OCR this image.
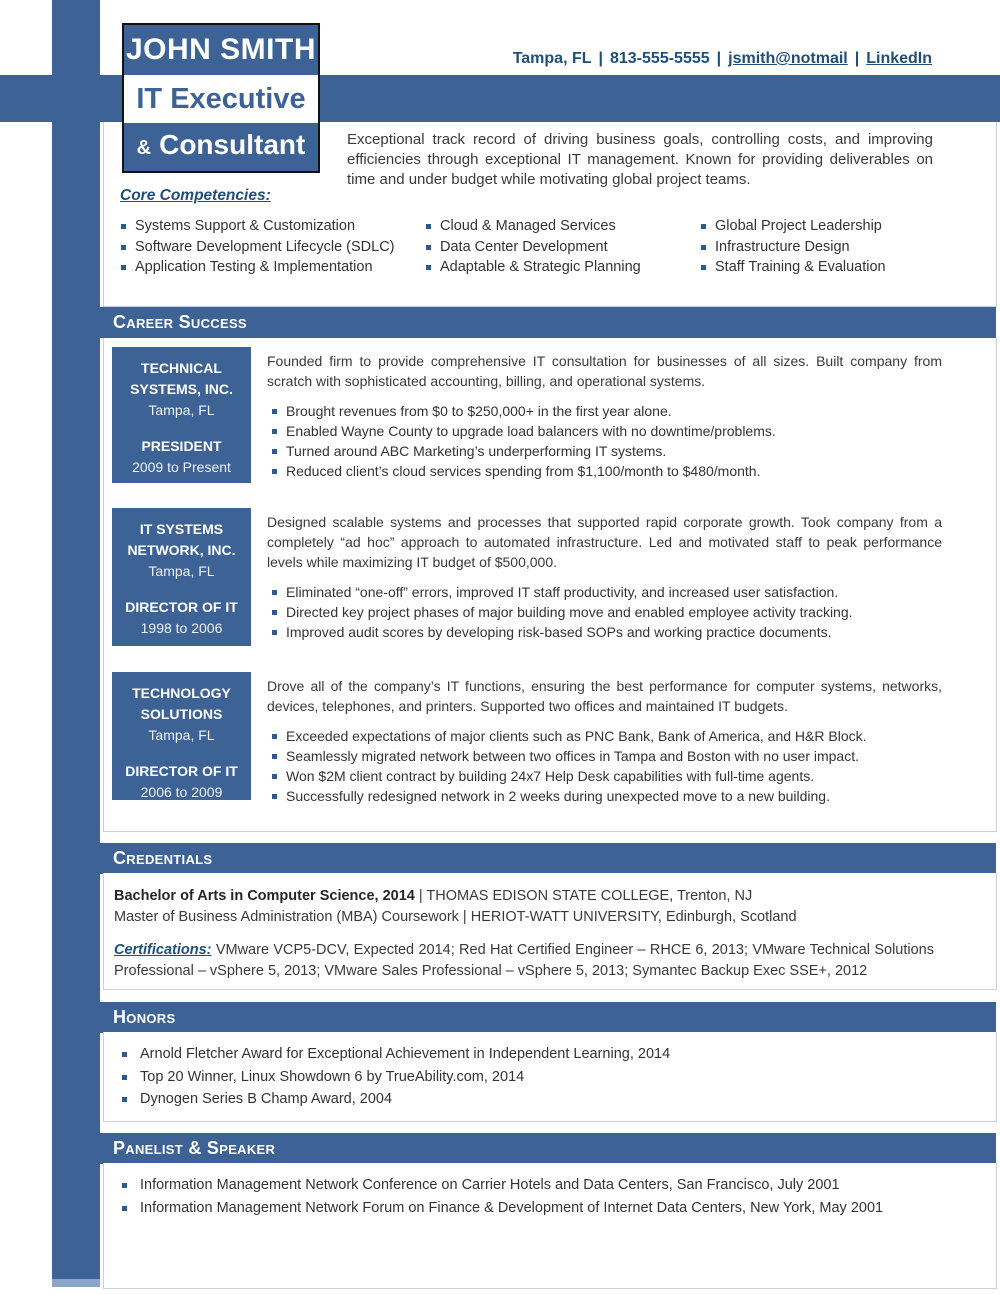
JOHN SMITH
IT Executive
& Consultant
Tampa, FL | 813-555-5555 | jsmith@notmail | LinkedIn

Exceptional track record of driving business goals, controlling costs, and improving efficiencies through exceptional IT management. Known for providing deliverables on time and under budget while motivating global project teams.

Core Competencies:
Systems Support & Customization
Software Development Lifecycle (SDLC)
Application Testing & Implementation
Cloud & Managed Services
Data Center Development
Adaptable & Strategic Planning
Global Project Leadership
Infrastructure Design
Staff Training & Evaluation
Career Success
TECHNICAL SYSTEMS, INC.
Tampa, FL
PRESIDENT
2009 to Present

Founded firm to provide comprehensive IT consultation for businesses of all sizes. Built company from scratch with sophisticated accounting, billing, and operational systems.

Brought revenues from $0 to $250,000+ in the first year alone.
Enabled Wayne County to upgrade load balancers with no downtime/problems.
Turned around ABC Marketing’s underperforming IT systems.
Reduced client’s cloud services spending from $1,100/month to $480/month.
IT SYSTEMS NETWORK, INC.
Tampa, FL
DIRECTOR OF IT
1998 to 2006

Designed scalable systems and processes that supported rapid corporate growth. Took company from a completely “ad hoc” approach to automated infrastructure. Led and motivated staff to peak performance levels while maximizing IT budget of $500,000.

Eliminated “one-off” errors, improved IT staff productivity, and increased user satisfaction.
Directed key project phases of major building move and enabled employee activity tracking.
Improved audit scores by developing risk-based SOPs and working practice documents.
TECHNOLOGY SOLUTIONS
Tampa, FL
DIRECTOR OF IT
2006 to 2009

Drove all of the company’s IT functions, ensuring the best performance for computer systems, networks, devices, telephones, and printers. Supported two offices and maintained IT budgets.

Exceeded expectations of major clients such as PNC Bank, Bank of America, and H&R Block.
Seamlessly migrated network between two offices in Tampa and Boston with no user impact.
Won $2M client contract by building 24x7 Help Desk capabilities with full-time agents.
Successfully redesigned network in 2 weeks during unexpected move to a new building.
Credentials
Bachelor of Arts in Computer Science, 2014 | THOMAS EDISON STATE COLLEGE, Trenton, NJ
Master of Business Administration (MBA) Coursework | HERIOT-WATT UNIVERSITY, Edinburgh, Scotland

Certifications: VMware VCP5-DCV, Expected 2014; Red Hat Certified Engineer – RHCE 6, 2013; VMware Technical Solutions Professional – vSphere 5, 2013; VMware Sales Professional – vSphere 5, 2013; Symantec Backup Exec SSE+, 2012

Honors
Arnold Fletcher Award for Exceptional Achievement in Independent Learning, 2014
Top 20 Winner, Linux Showdown 6 by TrueAbility.com, 2014
Dynogen Series B Champ Award, 2004
Panelist & Speaker
Information Management Network Conference on Carrier Hotels and Data Centers, San Francisco, July 2001
Information Management Network Forum on Finance & Development of Internet Data Centers, New York, May 2001
